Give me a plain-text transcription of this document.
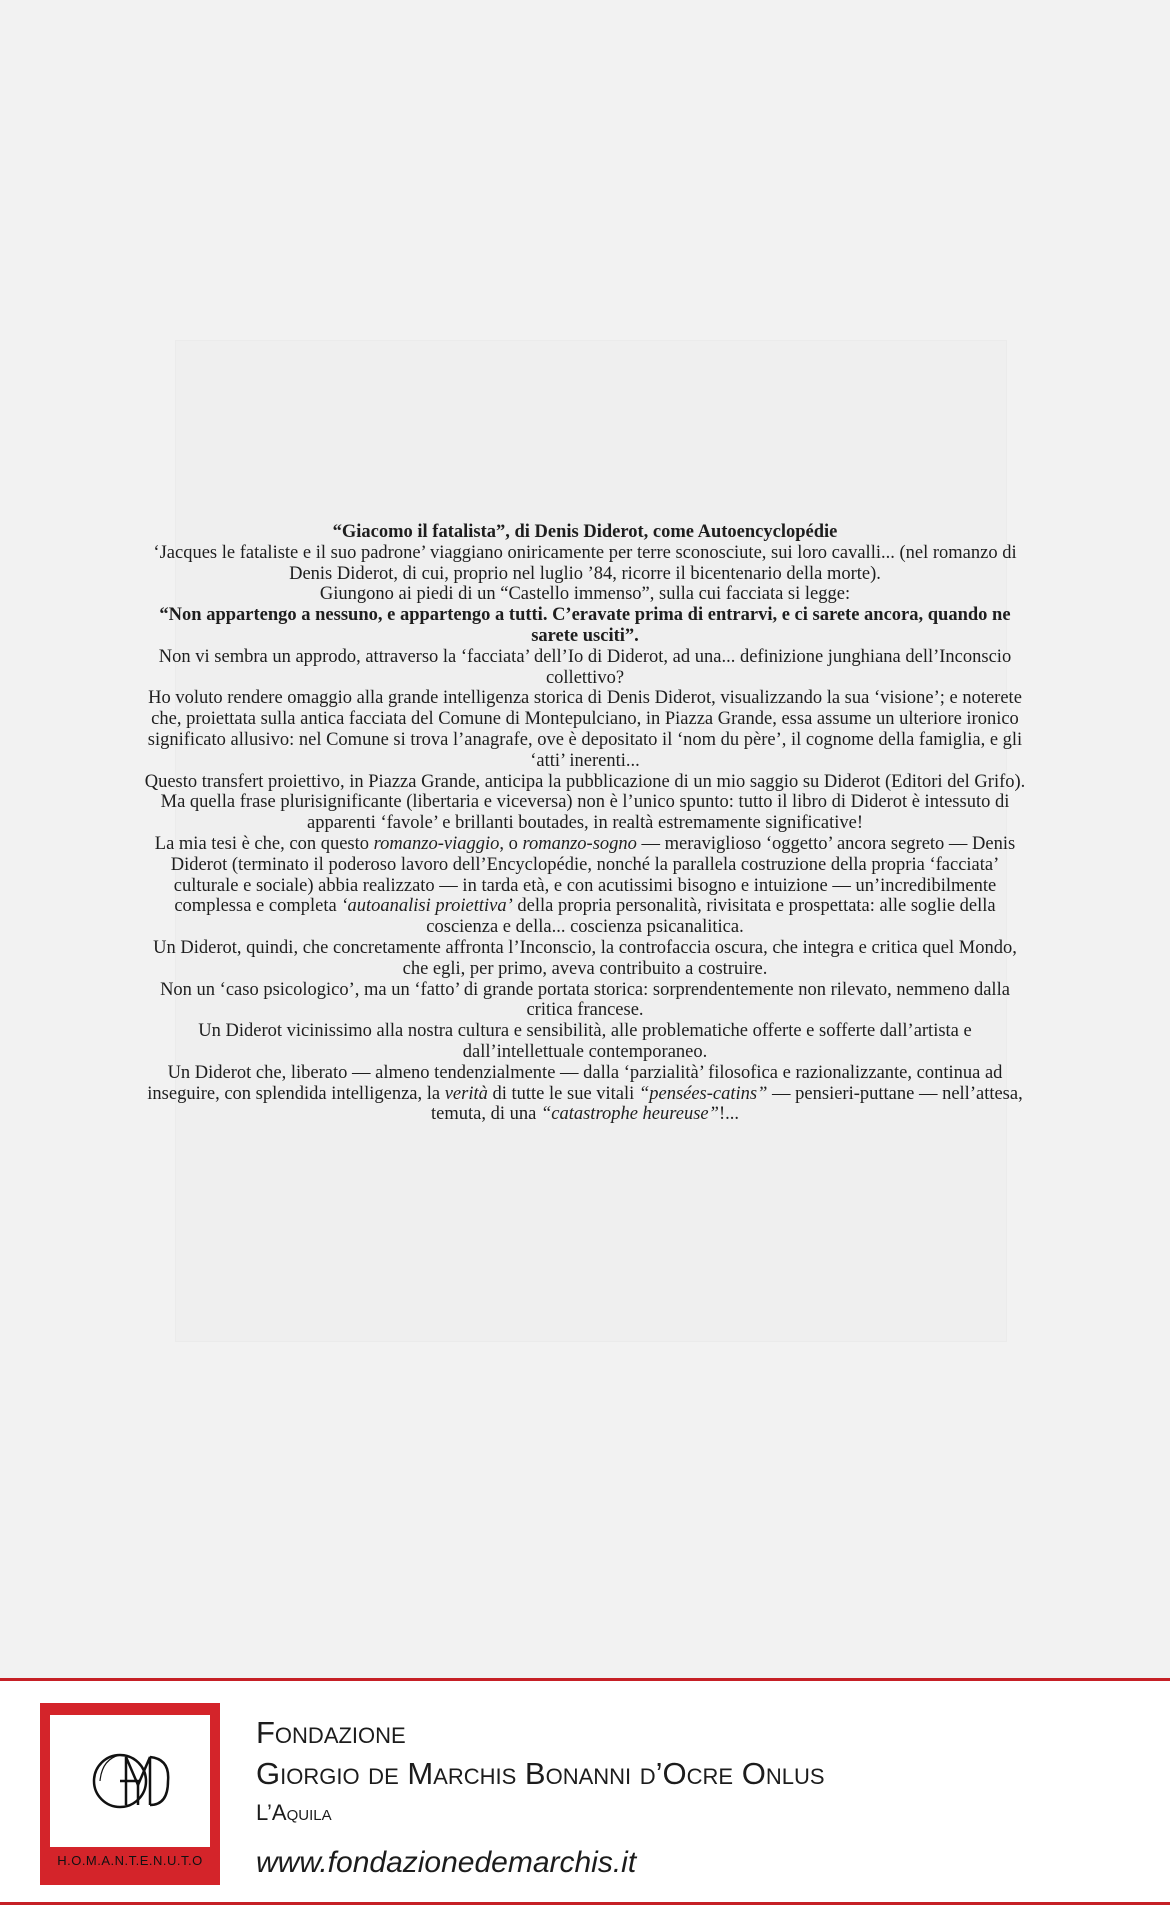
“Giacomo il fatalista”, di Denis Diderot, come Autoencyclopédie

‘Jacques le fataliste e il suo padrone’ viaggiano oniricamente per terre sconosciute, sui loro cavalli... (nel romanzo di Denis Diderot, di cui, proprio nel luglio ’84, ricorre il bicentenario della morte).

Giungono ai piedi di un “Castello immenso”, sulla cui facciata si legge:

“Non appartengo a nessuno, e appartengo a tutti. C’eravate prima di entrarvi, e ci sarete ancora, quando ne sarete usciti”.

Non vi sembra un approdo, attraverso la ‘facciata’ dell’Io di Diderot, ad una... definizione junghiana dell’Inconscio collettivo?

Ho voluto rendere omaggio alla grande intelligenza storica di Denis Diderot, visualizzando la sua ‘visione’; e noterete che, proiettata sulla antica facciata del Comune di Montepulciano, in Piazza Grande, essa assume un ulteriore ironico significato allusivo: nel Comune si trova l’anagrafe, ove è depositato il ‘nom du père’, il cognome della famiglia, e gli ‘atti’ inerenti...

Questo transfert proiettivo, in Piazza Grande, anticipa la pubblicazione di un mio saggio su Diderot (Editori del Grifo).

Ma quella frase plurisignificante (libertaria e viceversa) non è l’unico spunto: tutto il libro di Diderot è intessuto di apparenti ‘favole’ e brillanti boutades, in realtà estremamente significative!

La mia tesi è che, con questo romanzo-viaggio, o romanzo-sogno — meraviglioso ‘oggetto’ ancora segreto — Denis Diderot (terminato il poderoso lavoro dell’Encyclopédie, nonché la parallela costruzione della propria ‘facciata’ culturale e sociale) abbia realizzato — in tarda età, e con acutissimi bisogno e intuizione — un’incredibilmente complessa e completa ‘autoanalisi proiettiva’ della propria personalità, rivisitata e prospettata: alle soglie della coscienza e della... coscienza psicanalitica.

Un Diderot, quindi, che concretamente affronta l’Inconscio, la controfaccia oscura, che integra e critica quel Mondo, che egli, per primo, aveva contribuito a costruire.

Non un ‘caso psicologico’, ma un ‘fatto’ di grande portata storica: sorprendentemente non rilevato, nemmeno dalla critica francese.

Un Diderot vicinissimo alla nostra cultura e sensibilità, alle problematiche offerte e sofferte dall’artista e dall’intellettuale contemporaneo.

Un Diderot che, liberato — almeno tendenzialmente — dalla ‘parzialità’ filosofica e razionalizzante, continua ad inseguire, con splendida intelligenza, la verità di tutte le sue vitali “pensées-catins” — pensieri-puttane — nell’attesa, temuta, di una “catastrophe heureuse”!...

H.O.M.A.N.T.E.N.U.T.O
Fondazione
Giorgio de Marchis Bonanni d’Ocre Onlus
L’Aquila
www.fondazionedemarchis.it
